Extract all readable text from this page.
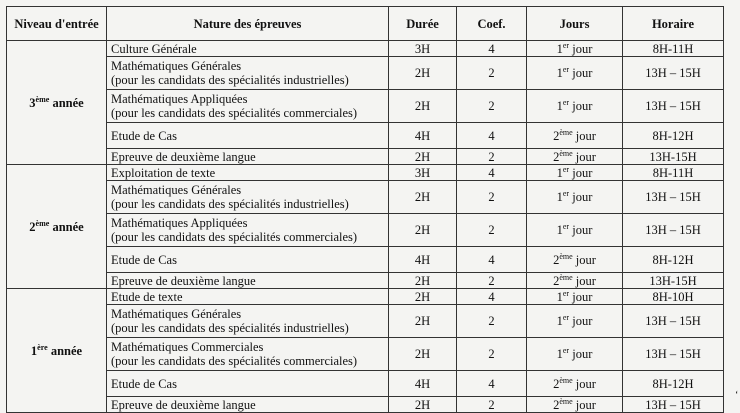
Niveau d'entrée	Nature des épreuves	Durée	Coef.	Jours	Horaire
3ème année	Culture Générale	3H	4	1er jour	8H-11H

	Mathématiques Générales
(pour les candidats des spécialités industrielles)	2H	2	1er jour	13H – 15H

	Mathématiques Appliquées
(pour les candidats des spécialités commerciales)	2H	2	1er jour	13H – 15H

	Etude de Cas	4H	4	2ème jour	8H-12H

	Epreuve de deuxième langue	2H	2	2ème jour	13H-15H
2ème année	Exploitation de texte	3H	4	1er jour	8H-11H

	Mathématiques Générales
(pour les candidats des spécialités industrielles)	2H	2	1er jour	13H – 15H

	Mathématiques Appliquées
(pour les candidats des spécialités commerciales)	2H	2	1er jour	13H – 15H

	Etude de Cas	4H	4	2ème jour	8H-12H

	Epreuve de deuxième langue	2H	2	2ème jour	13H-15H
1ère année	Etude de texte	2H	4	1er jour	8H-10H

	Mathématiques Générales
(pour les candidats des spécialités industrielles)	2H	2	1er jour	13H – 15H

	Mathématiques Commerciales
(pour les candidats des spécialités commerciales)	2H	2	1er jour	13H – 15H

	Etude de Cas	4H	4	2ème jour	8H-12H

	Epreuve de deuxième langue	2H	2	2ème jour	13H – 15H
‘
